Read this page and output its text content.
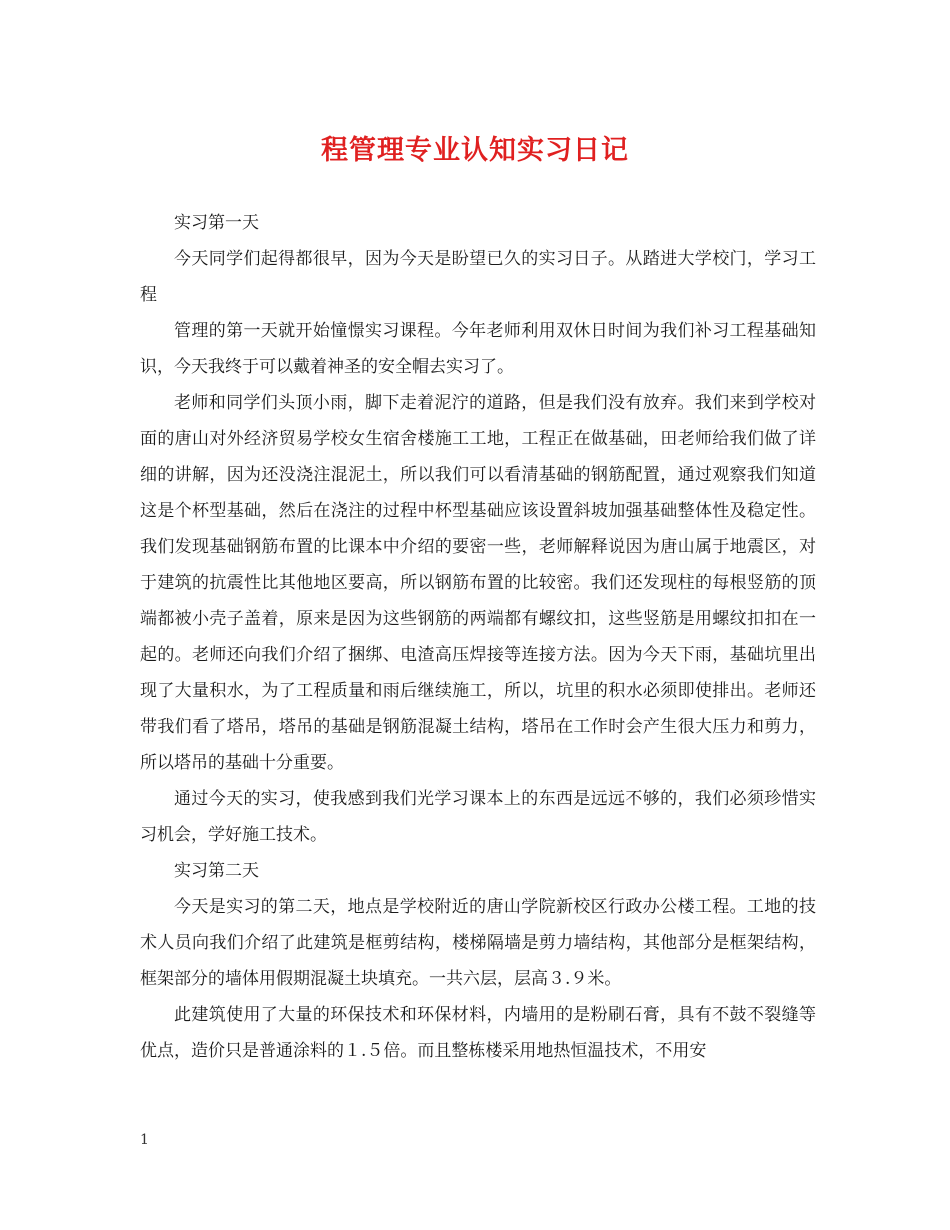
程管理专业认知实习日记

实习第一天

今天同学们起得都很早，因为今天是盼望已久的实习日子。从踏进大学校门，学习工程

管理的第一天就开始憧憬实习课程。今年老师利用双休日时间为我们补习工程基础知识，今天我终于可以戴着神圣的安全帽去实习了。

老师和同学们头顶小雨，脚下走着泥泞的道路，但是我们没有放弃。我们来到学校对面的唐山对外经济贸易学校女生宿舍楼施工工地，工程正在做基础，田老师给我们做了详细的讲解，因为还没浇注混泥土，所以我们可以看清基础的钢筋配置，通过观察我们知道这是个杯型基础，然后在浇注的过程中杯型基础应该设置斜坡加强基础整体性及稳定性。我们发现基础钢筋布置的比课本中介绍的要密一些，老师解释说因为唐山属于地震区，对于建筑的抗震性比其他地区要高，所以钢筋布置的比较密。我们还发现柱的每根竖筋的顶端都被小壳子盖着，原来是因为这些钢筋的两端都有螺纹扣，这些竖筋是用螺纹扣扣在一起的。老师还向我们介绍了捆绑、电渣高压焊接等连接方法。因为今天下雨，基础坑里出现了大量积水，为了工程质量和雨后继续施工，所以，坑里的积水必须即使排出。老师还带我们看了塔吊，塔吊的基础是钢筋混凝土结构，塔吊在工作时会产生很大压力和剪力，所以塔吊的基础十分重要。

通过今天的实习，使我感到我们光学习课本上的东西是远远不够的，我们必须珍惜实习机会，学好施工技术。

实习第二天

今天是实习的第二天，地点是学校附近的唐山学院新校区行政办公楼工程。工地的技术人员向我们介绍了此建筑是框剪结构，楼梯隔墙是剪力墙结构，其他部分是框架结构，框架部分的墙体用假期混凝土块填充。一共六层，层高３.９米。

此建筑使用了大量的环保技术和环保材料，内墙用的是粉刷石膏，具有不鼓不裂缝等优点，造价只是普通涂料的１.５倍。而且整栋楼采用地热恒温技术，不用安

1
